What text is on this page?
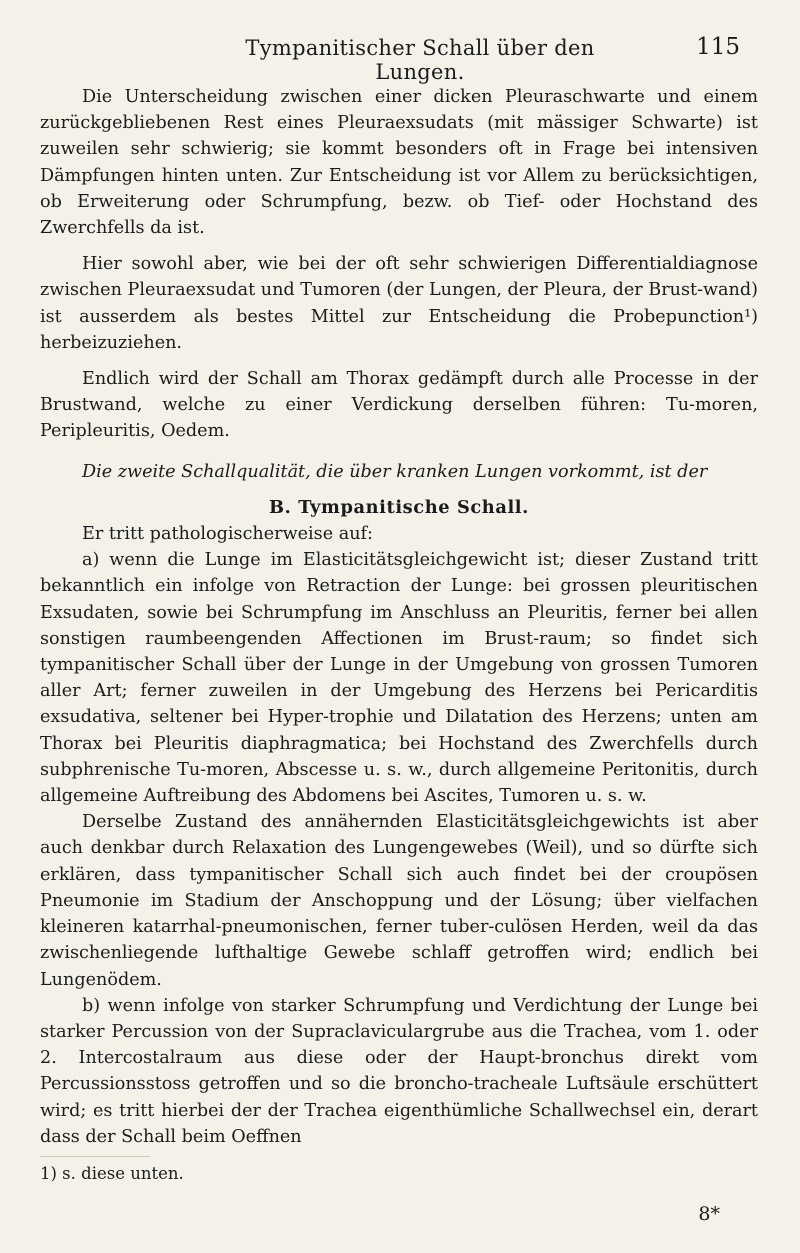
Tympanitischer Schall über den Lungen.
115

Die Unterscheidung zwischen einer dicken Pleuraschwarte und einem zurückgebliebenen Rest eines Pleuraexsudats (mit mässiger Schwarte) ist zuweilen sehr schwierig; sie kommt besonders oft in Frage bei intensiven Dämpfungen hinten unten. Zur Entscheidung ist vor Allem zu berücksichtigen, ob Erweiterung oder Schrumpfung, bezw. ob Tief- oder Hochstand des Zwerchfells da ist.

Hier sowohl aber, wie bei der oft sehr schwierigen Differentialdiagnose zwischen Pleuraexsudat und Tumoren (der Lungen, der Pleura, der Brust-wand) ist ausserdem als bestes Mittel zur Entscheidung die Probepunction¹) herbeizuziehen.

Endlich wird der Schall am Thorax gedämpft durch alle Processe in der Brustwand, welche zu einer Verdickung derselben führen: Tu-moren, Peripleuritis, Oedem.

Die zweite Schallqualität, die über kranken Lungen vorkommt, ist der

B. Tympanitische Schall.

Er tritt pathologischerweise auf:

a) wenn die Lunge im Elasticitätsgleichgewicht ist; dieser Zustand tritt bekanntlich ein infolge von Retraction der Lunge: bei grossen pleuritischen Exsudaten, sowie bei Schrumpfung im Anschluss an Pleuritis, ferner bei allen sonstigen raumbeengenden Affectionen im Brust-raum; so findet sich tympanitischer Schall über der Lunge in der Umgebung von grossen Tumoren aller Art; ferner zuweilen in der Umgebung des Herzens bei Pericarditis exsudativa, seltener bei Hyper-trophie und Dilatation des Herzens; unten am Thorax bei Pleuritis diaphragmatica; bei Hochstand des Zwerchfells durch subphrenische Tu-moren, Abscesse u. s. w., durch allgemeine Peritonitis, durch allgemeine Auftreibung des Abdomens bei Ascites, Tumoren u. s. w.

Derselbe Zustand des annähernden Elasticitätsgleichgewichts ist aber auch denkbar durch Relaxation des Lungengewebes (Weil), und so dürfte sich erklären, dass tympanitischer Schall sich auch findet bei der croupösen Pneumonie im Stadium der Anschoppung und der Lösung; über vielfachen kleineren katarrhal-pneumonischen, ferner tuber-culösen Herden, weil da das zwischenliegende lufthaltige Gewebe schlaff getroffen wird; endlich bei Lungenödem.

b) wenn infolge von starker Schrumpfung und Verdichtung der Lunge bei starker Percussion von der Supraclaviculargrube aus die Trachea, vom 1. oder 2. Intercostalraum aus diese oder der Haupt-bronchus direkt vom Percussionsstoss getroffen und so die broncho-tracheale Luftsäule erschüttert wird; es tritt hierbei der der Trachea eigenthümliche Schallwechsel ein, derart dass der Schall beim Oeffnen

1) s. diese unten.
8*
